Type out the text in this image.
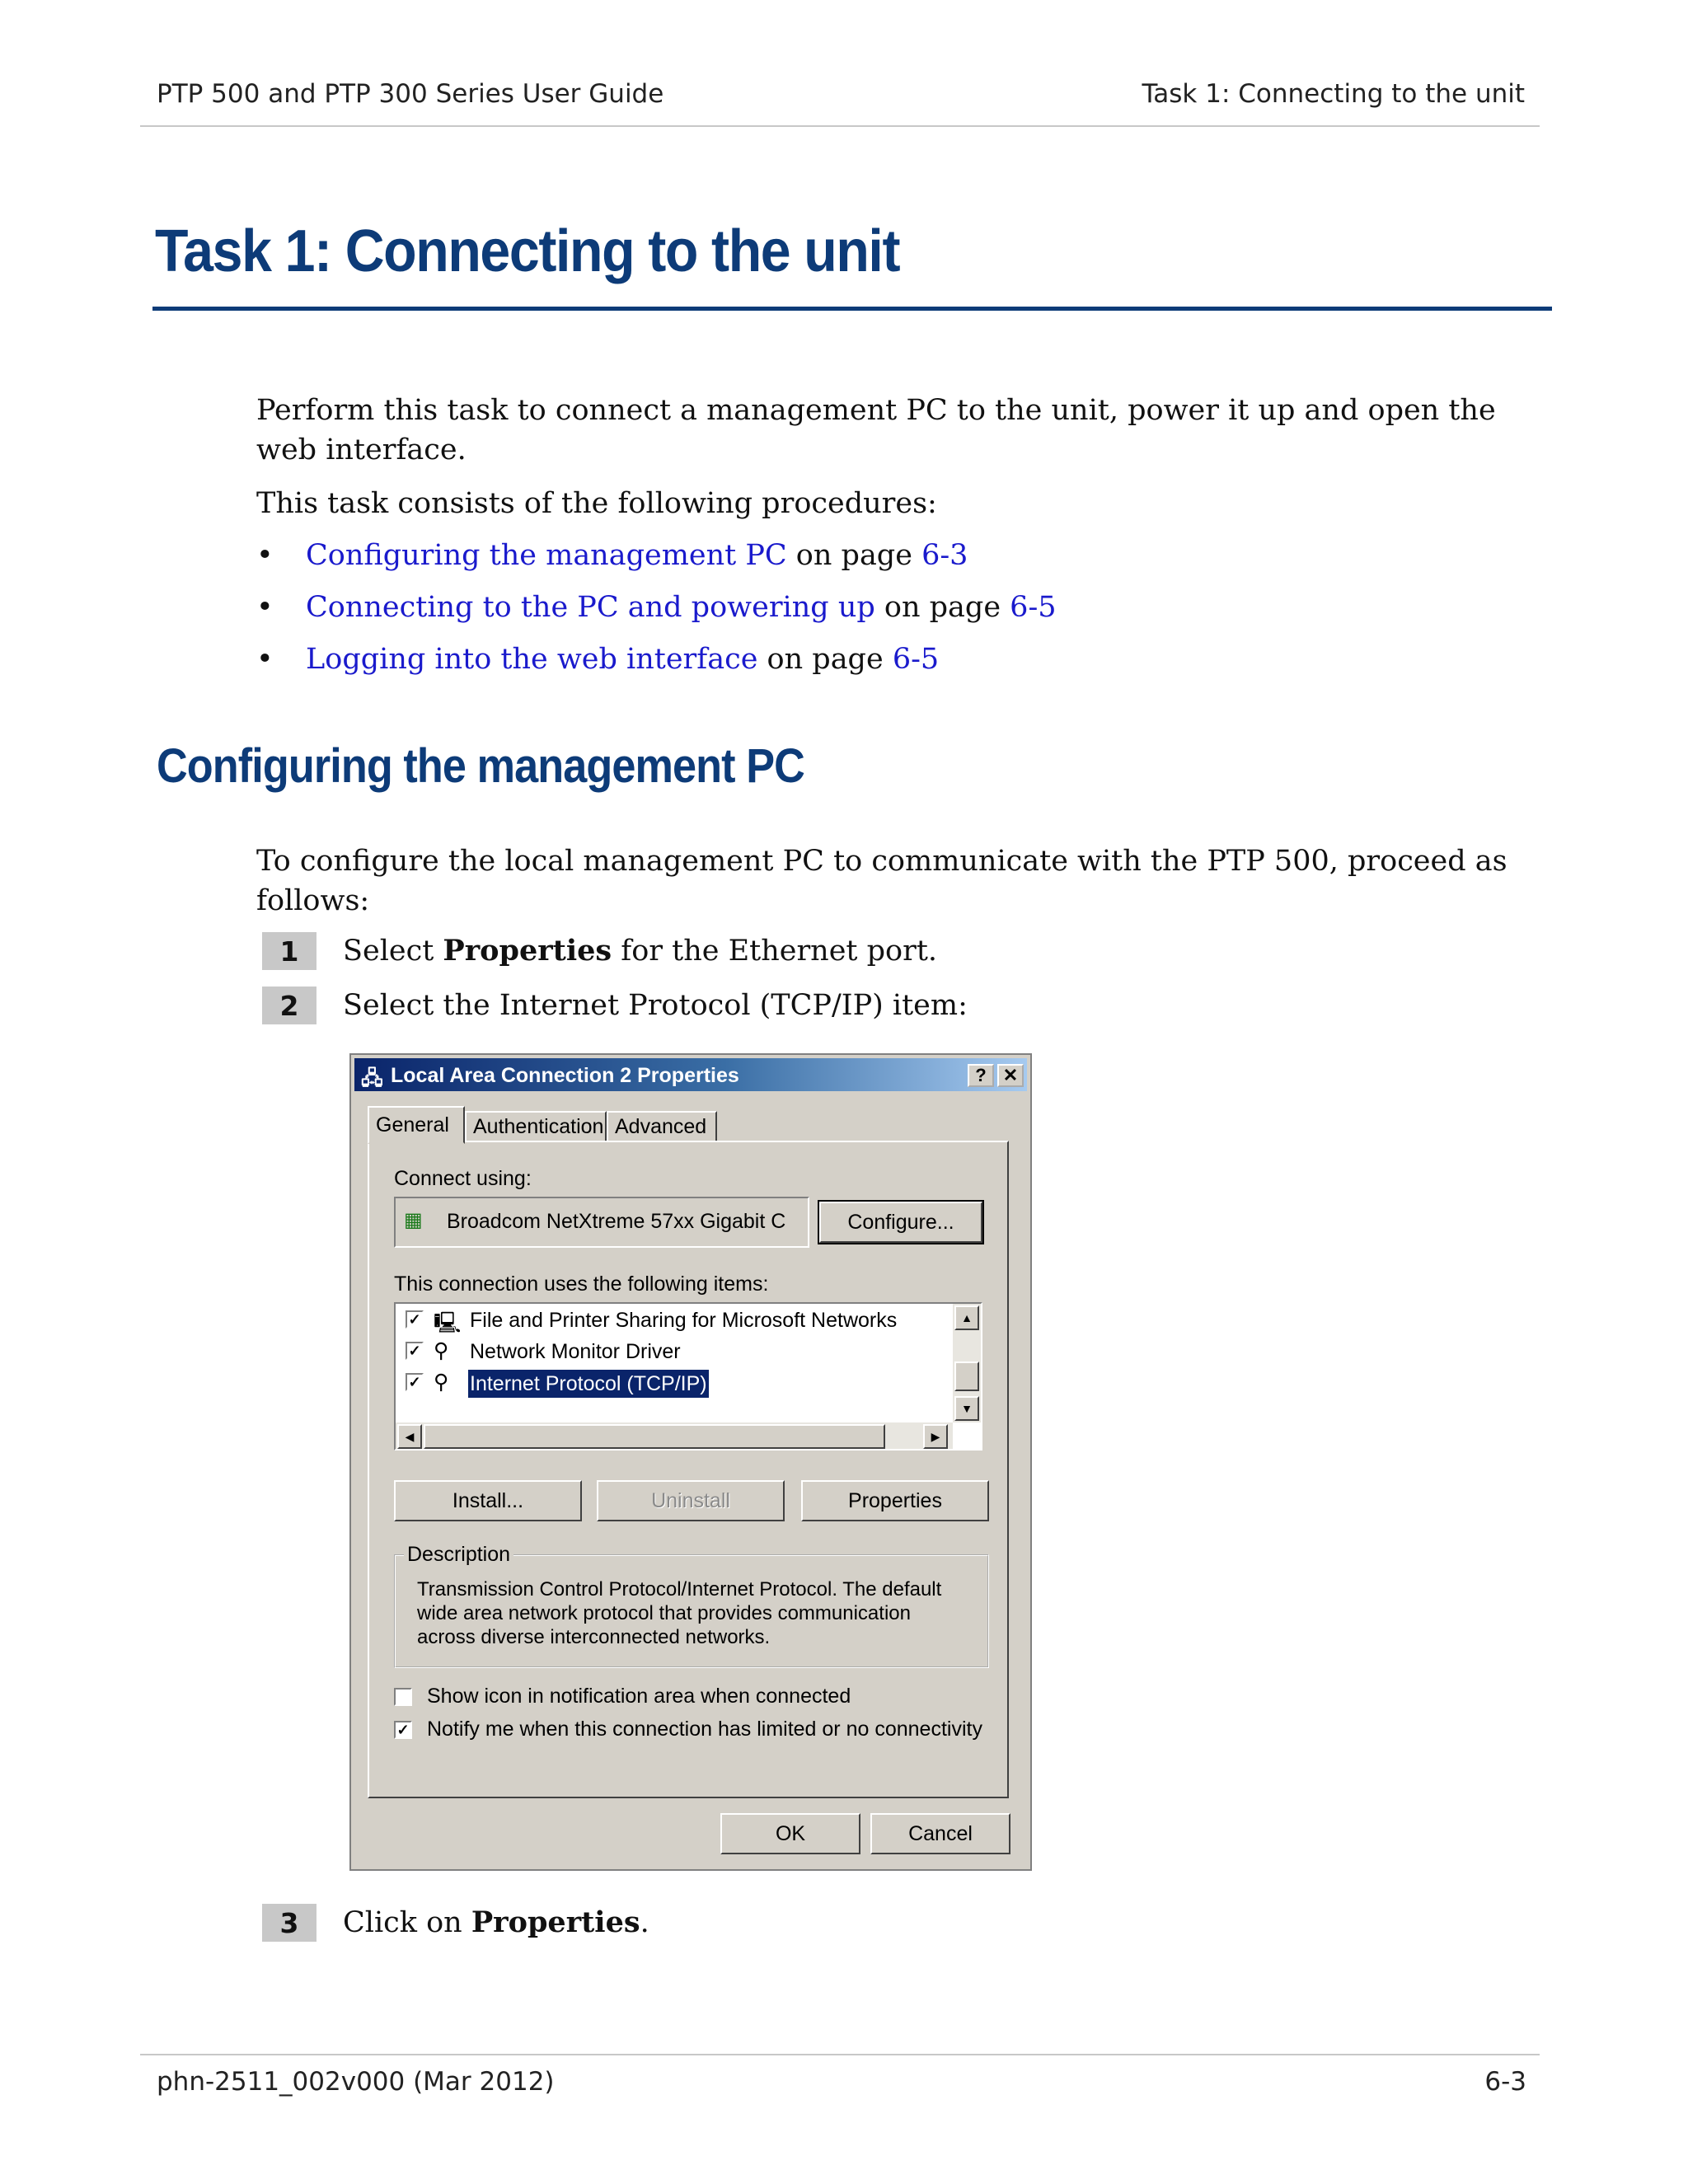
PTP 500 and PTP 300 Series User Guide	Task 1: Connecting to the unit
Task 1: Connecting to the unit
Perform this task to connect a management PC to the unit, power it up and open the web interface.
This task consists of the following procedures:
• Configuring the management PC on page 6-3
• Connecting to the PC and powering up on page 6-5
• Logging into the web interface on page 6-5
Configuring the management PC
To configure the local management PC to communicate with the PTP 500, proceed as follows:
1	Select Properties for the Ethernet port.
2	Select the Internet Protocol (TCP/IP) item:
🖧 Local Area Connection 2 Properties	? ✕
General	Authentication Advanced
Connect using:
▦ Broadcom NetXtreme 57xx Gigabit C	Configure...
This connection uses the following items:
✓ 🖳 File and Printer Sharing for Microsoft Networks
✓ ⚲ Network Monitor Driver
✓ ⚲ Internet Protocol (TCP/IP)
▲
▼
◀	▶
Install...	Uninstall	Properties
Description
Transmission Control Protocol/Internet Protocol. The default wide area network protocol that provides communication across diverse interconnected networks.
Show icon in notification area when connected
✓ Notify me when this connection has limited or no connectivity
OK	Cancel
3	Click on Properties.
phn-2511_002v000 (Mar 2012)	6-3
